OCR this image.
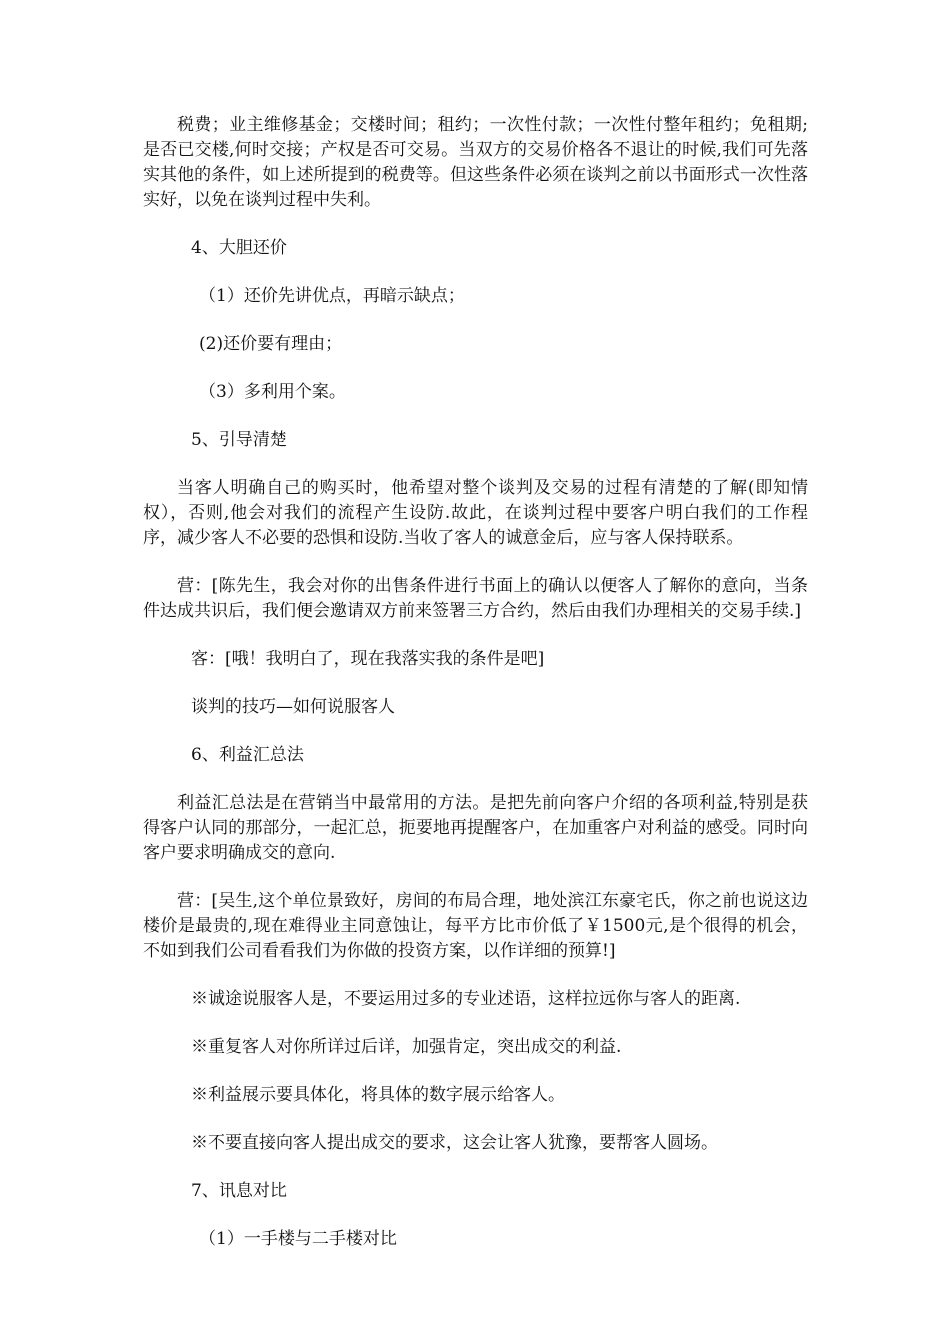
税费；业主维修基金；交楼时间；租约；一次性付款；一次性付整年租约；免租期;是否已交楼,何时交接；产权是否可交易。当双方的交易价格各不退让的时候,我们可先落实其他的条件，如上述所提到的税费等。但这些条件必须在谈判之前以书面形式一次性落实好，以免在谈判过程中失利。

4、大胆还价

（1）还价先讲优点，再暗示缺点；

(2)还价要有理由；

（3）多利用个案。

5、引导清楚

当客人明确自己的购买时，他希望对整个谈判及交易的过程有清楚的了解(即知情权），否则,他会对我们的流程产生设防.故此，在谈判过程中要客户明白我们的工作程序，减少客人不必要的恐惧和设防.当收了客人的诚意金后，应与客人保持联系。

营：[陈先生，我会对你的出售条件进行书面上的确认以便客人了解你的意向，当条件达成共识后，我们便会邀请双方前来签署三方合约，然后由我们办理相关的交易手续.]

客：[哦！我明白了，现在我落实我的条件是吧]

谈判的技巧—如何说服客人

6、利益汇总法

利益汇总法是在营销当中最常用的方法。是把先前向客户介绍的各项利益,特别是获得客户认同的那部分，一起汇总，扼要地再提醒客户，在加重客户对利益的感受。同时向客户要求明确成交的意向.

营：[吴生,这个单位景致好，房间的布局合理，地处滨江东豪宅氏，你之前也说这边楼价是最贵的,现在难得业主同意蚀让，每平方比市价低了￥1500元,是个很得的机会，不如到我们公司看看我们为你做的投资方案，以作详细的预算!]

※诚途说服客人是，不要运用过多的专业述语，这样拉远你与客人的距离.

※重复客人对你所详过后详，加强肯定，突出成交的利益.

※利益展示要具体化，将具体的数字展示给客人。

※不要直接向客人提出成交的要求，这会让客人犹豫，要帮客人圆场。

7、讯息对比

（1）一手楼与二手楼对比
